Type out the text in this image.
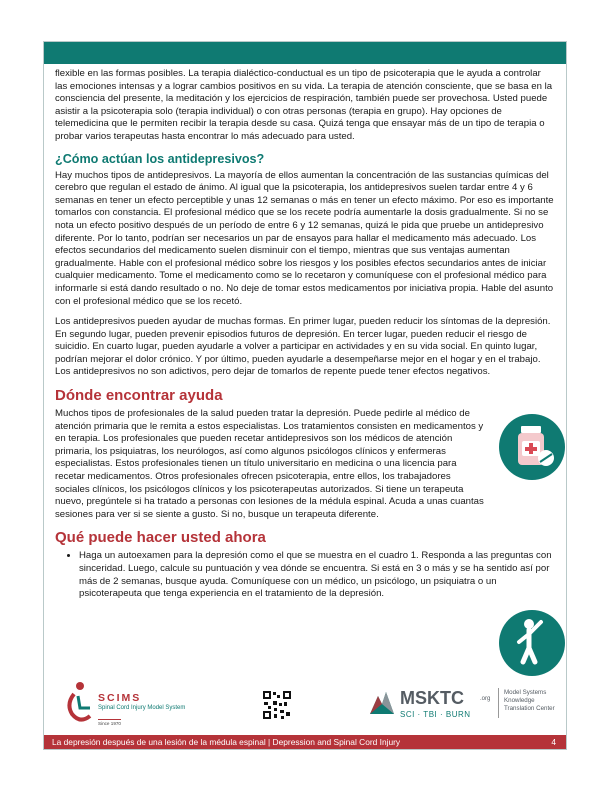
flexible en las formas posibles. La terapia dialéctico-conductual es un tipo de psicoterapia que le ayuda a controlar las emociones intensas y a lograr cambios positivos en su vida. La terapia de atención consciente, que se basa en la consciencia del presente, la meditación y los ejercicios de respiración, también puede ser provechosa. Usted puede asistir a la psicoterapia solo (terapia individual) o con otras personas (terapia en grupo). Hay opciones de telemedicina que le permiten recibir la terapia desde su casa. Quizá tenga que ensayar más de un tipo de terapia o probar varios terapeutas hasta encontrar lo más adecuado para usted.

¿Cómo actúan los antidepresivos?

Hay muchos tipos de antidepresivos. La mayoría de ellos aumentan la concentración de las sustancias químicas del cerebro que regulan el estado de ánimo. Al igual que la psicoterapia, los antidepresivos suelen tardar entre 4 y 6 semanas en tener un efecto perceptible y unas 12 semanas o más en tener un efecto máximo. Por eso es importante tomarlos con constancia. El profesional médico que se los recete podría aumentarle la dosis gradualmente. Si no se nota un efecto positivo después de un período de entre 6 y 12 semanas, quizá le pida que pruebe un antidepresivo diferente. Por lo tanto, podrían ser necesarios un par de ensayos para hallar el medicamento más adecuado. Los efectos secundarios del medicamento suelen disminuir con el tiempo, mientras que sus ventajas aumentan gradualmente. Hable con el profesional médico sobre los riesgos y los posibles efectos secundarios antes de iniciar cualquier medicamento. Tome el medicamento como se lo recetaron y comuníquese con el profesional médico para informarle si está dando resultado o no. No deje de tomar estos medicamentos por iniciativa propia. Hable del asunto con el profesional médico que se los recetó.

Los antidepresivos pueden ayudar de muchas formas. En primer lugar, pueden reducir los síntomas de la depresión. En segundo lugar, pueden prevenir episodios futuros de depresión. En tercer lugar, pueden reducir el riesgo de suicidio. En cuarto lugar, pueden ayudarle a volver a participar en actividades y en su vida social. En quinto lugar, podrían mejorar el dolor crónico. Y por último, pueden ayudarle a desempeñarse mejor en el hogar y en el trabajo. Los antidepresivos no son adictivos, pero dejar de tomarlos de repente puede tener efectos negativos.

Dónde encontrar ayuda

Muchos tipos de profesionales de la salud pueden tratar la depresión. Puede pedirle al médico de atención primaria que le remita a estos especialistas. Los tratamientos consisten en medicamentos y en terapia. Los profesionales que pueden recetar antidepresivos son los médicos de atención primaria, los psiquiatras, los neurólogos, así como algunos psicólogos clínicos y enfermeras especialistas. Estos profesionales tienen un título universitario en medicina o una licencia para recetar medicamentos. Otros profesionales ofrecen psicoterapia, entre ellos, los trabajadores sociales clínicos, los psicólogos clínicos y los psicoterapeutas autorizados. Si tiene un terapeuta nuevo, pregúntele si ha tratado a personas con lesiones de la médula espinal. Acuda a unas cuantas sesiones para ver si se siente a gusto. Si no, busque un terapeuta diferente.

Qué puede hacer usted ahora
• Haga un autoexamen para la depresión como el que se muestra en el cuadro 1. Responda a las preguntas con sinceridad. Luego, calcule su puntuación y vea dónde se encuentra. Si está en 3 o más y se ha sentido así por más de 2 semanas, busque ayuda. Comuníquese con un médico, un psicólogo, un psiquiatra o un psicoterapeuta que tenga experiencia en el tratamiento de la depresión.
SCIMS
Spinal Cord Injury Model System
Since 1970
MSKTC	.org
SCI · TBI · BURN
Model Systems Knowledge Translation Center
La depresión después de una lesión de la médula espinal | Depression and Spinal Cord Injury	4
